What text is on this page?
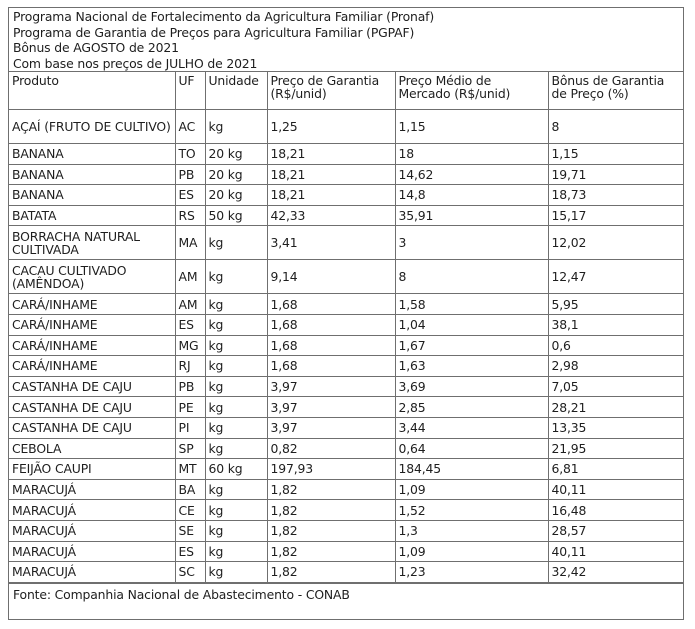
Programa Nacional de Fortalecimento da Agricultura Familiar (Pronaf)
Programa de Garantia de Preços para Agricultura Familiar (PGPAF)
Bônus de AGOSTO de 2021
Com base nos preços de JULHO de 2021
Produto	UF	Unidade	Preço de Garantia (R$/unid)	Preço Médio de Mercado (R$/unid)	Bônus de Garantia de Preço (%)
AÇAÍ (FRUTO DE CULTIVO)	AC	kg	1,25	1,15	8
BANANA	TO	20 kg	18,21	18	1,15
BANANA	PB	20 kg	18,21	14,62	19,71
BANANA	ES	20 kg	18,21	14,8	18,73
BATATA	RS	50 kg	42,33	35,91	15,17
BORRACHA NATURAL CULTIVADA	MA	kg	3,41	3	12,02
CACAU CULTIVADO (AMÊNDOA)	AM	kg	9,14	8	12,47
CARÁ/INHAME	AM	kg	1,68	1,58	5,95
CARÁ/INHAME	ES	kg	1,68	1,04	38,1
CARÁ/INHAME	MG	kg	1,68	1,67	0,6
CARÁ/INHAME	RJ	kg	1,68	1,63	2,98
CASTANHA DE CAJU	PB	kg	3,97	3,69	7,05
CASTANHA DE CAJU	PE	kg	3,97	2,85	28,21
CASTANHA DE CAJU	PI	kg	3,97	3,44	13,35
CEBOLA	SP	kg	0,82	0,64	21,95
FEIJÃO CAUPI	MT	60 kg	197,93	184,45	6,81
MARACUJÁ	BA	kg	1,82	1,09	40,11
MARACUJÁ	CE	kg	1,82	1,52	16,48
MARACUJÁ	SE	kg	1,82	1,3	28,57
MARACUJÁ	ES	kg	1,82	1,09	40,11
MARACUJÁ	SC	kg	1,82	1,23	32,42
Fonte: Companhia Nacional de Abastecimento - CONAB
